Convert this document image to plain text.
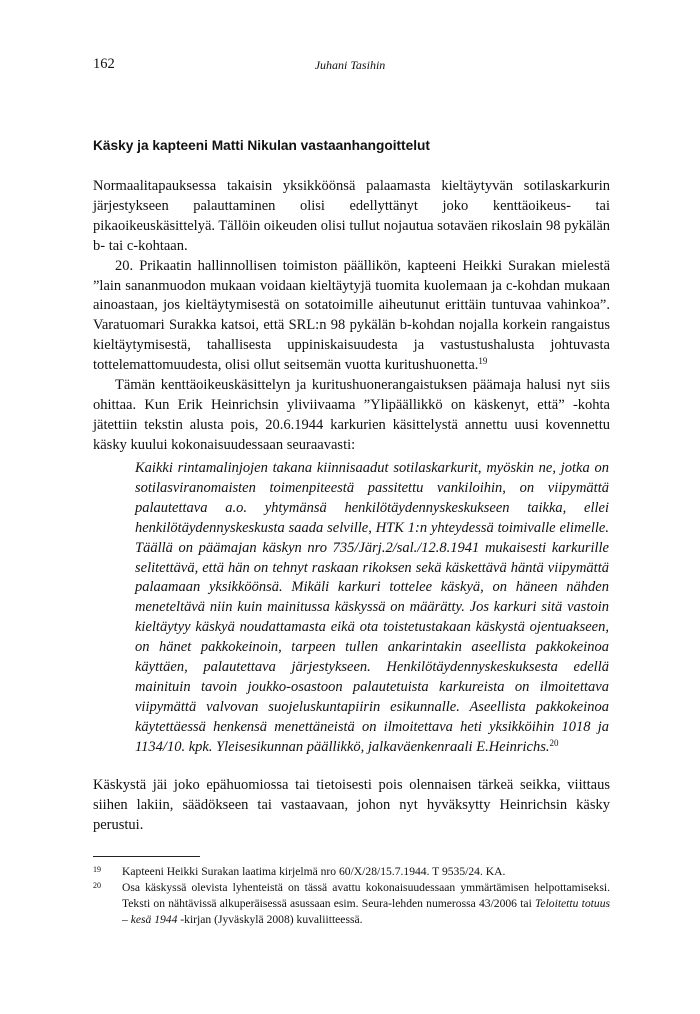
162	Juhani Tasihin
Käsky ja kapteeni Matti Nikulan vastaanhangoittelut

Normaalitapauksessa takaisin yksikköönsä palaamasta kieltäytyvän sotilaskarkurin järjestykseen palauttaminen olisi edellyttänyt joko kenttäoikeus- tai pikaoikeuskäsittelyä. Tällöin oikeuden olisi tullut nojautua sotaväen rikoslain 98 pykälän b- tai c-kohtaan.

20. Prikaatin hallinnollisen toimiston päällikön, kapteeni Heikki Surakan mielestä ”lain sananmuodon mukaan voidaan kieltäytyjä tuomita kuolemaan ja c-kohdan mukaan ainoastaan, jos kieltäytymisestä on sotatoimille aiheutunut erittäin tuntuvaa vahinkoa”. Varatuomari Surakka katsoi, että SRL:n 98 pykälän b-kohdan nojalla korkein rangaistus kieltäytymisestä, tahallisesta uppiniskaisuudesta ja vastustushalusta johtuvasta tottelemattomuudesta, olisi ollut seitsemän vuotta kuritushuonetta.$^{19}$

Tämän kenttäoikeuskäsittelyn ja kuritushuonerangaistuksen päämaja halusi nyt siis ohittaa. Kun Erik Heinrichsin yliviivaama ”Ylipäällikkö on käskenyt, että” -kohta jätettiin tekstin alusta pois, 20.6.1944 karkurien käsittelystä annettu uusi kovennettu käsky kuului kokonaisuudessaan seuraavasti:

Kaikki rintamalinjojen takana kiinnisaadut sotilaskarkurit, myöskin ne, jotka on sotilasviranomaisten toimenpiteestä passitettu vankiloihin, on viipymättä palautettava a.o. yhtymänsä henkilötäydennyskeskukseen taikka, ellei henkilötäydennyskeskusta saada selville, HTK 1:n yhteydessä toimivalle elimelle. Täällä on päämajan käskyn nro 735/Järj.2/sal./12.8.1941 mukaisesti karkurille selitettävä, että hän on tehnyt raskaan rikoksen sekä käskettävä häntä viipymättä palaamaan yksikköönsä. Mikäli karkuri tottelee käskyä, on häneen nähden meneteltävä niin kuin mainitussa käskyssä on määrätty. Jos karkuri sitä vastoin kieltäytyy käskyä noudattamasta eikä ota toistetustakaan käskystä ojentuakseen, on hänet pakkokeinoin, tarpeen tullen ankarintakin aseellista pakkokeinoa käyttäen, palautettava järjestykseen. Henkilötäydennyskeskuksesta edellä mainituin tavoin joukko-osastoon palautetuista karkureista on ilmoitettava viipymättä valvovan suojeluskuntapiirin esikunnalle. Aseellista pakkokeinoa käytettäessä henkensä menettäneistä on ilmoitettava heti yksikköihin 1018 ja 1134/10. kpk. Yleisesikunnan päällikkö, jalkaväenkenraali E.Heinrichs.$^{20}$

Käskystä jäi joko epähuomiossa tai tietoisesti pois olennaisen tärkeä seikka, viittaus siihen lakiin, säädökseen tai vastaavaan, johon nyt hyväksytty Heinrichsin käsky perustui.

19 Kapteeni Heikki Surakan laatima kirjelmä nro 60/X/28/15.7.1944. T 9535/24. KA.
20 Osa käskyssä olevista lyhenteistä on tässä avattu kokonaisuudessaan ymmärtämisen helpottamiseksi. Teksti on nähtävissä alkuperäisessä asussaan esim. Seura-lehden numerossa 43/2006 tai Teloitettu totuus – kesä 1944 -kirjan (Jyväskylä 2008) kuvaliitteessä.
